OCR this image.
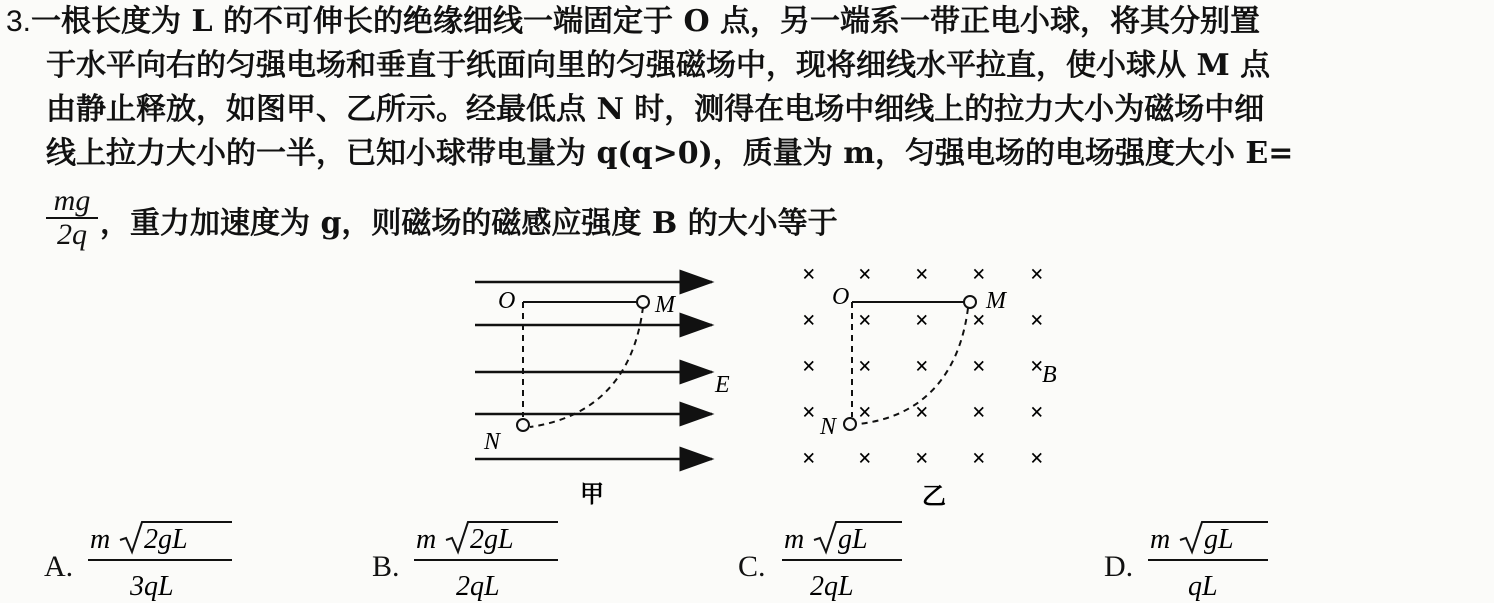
3.一根长度为 L 的不可伸长的绝缘细线一端固定于 O 点，另一端系一带正电小球，将其分别置
于水平向右的匀强电场和垂直于纸面向里的匀强磁场中，现将细线水平拉直，使小球从 M 点
由静止释放，如图甲、乙所示。经最低点 N 时，测得在电场中细线上的拉力大小为磁场中细
线上拉力大小的一半，已知小球带电量为 q(q>0)，质量为 m，匀强电场的电场强度大小 E=
mg
2q ，重力加速度为 g，则磁场的磁感应强度 B 的大小等于
O	M
N
E
甲
× × × × ×
× × × × ×
× × × × ×
× × × × ×
× × × × ×
O	M
N
B
乙
A.
m 2gL
3qL
B.
m 2gL
2qL
C.
m gL
2qL
D.
m gL
qL
